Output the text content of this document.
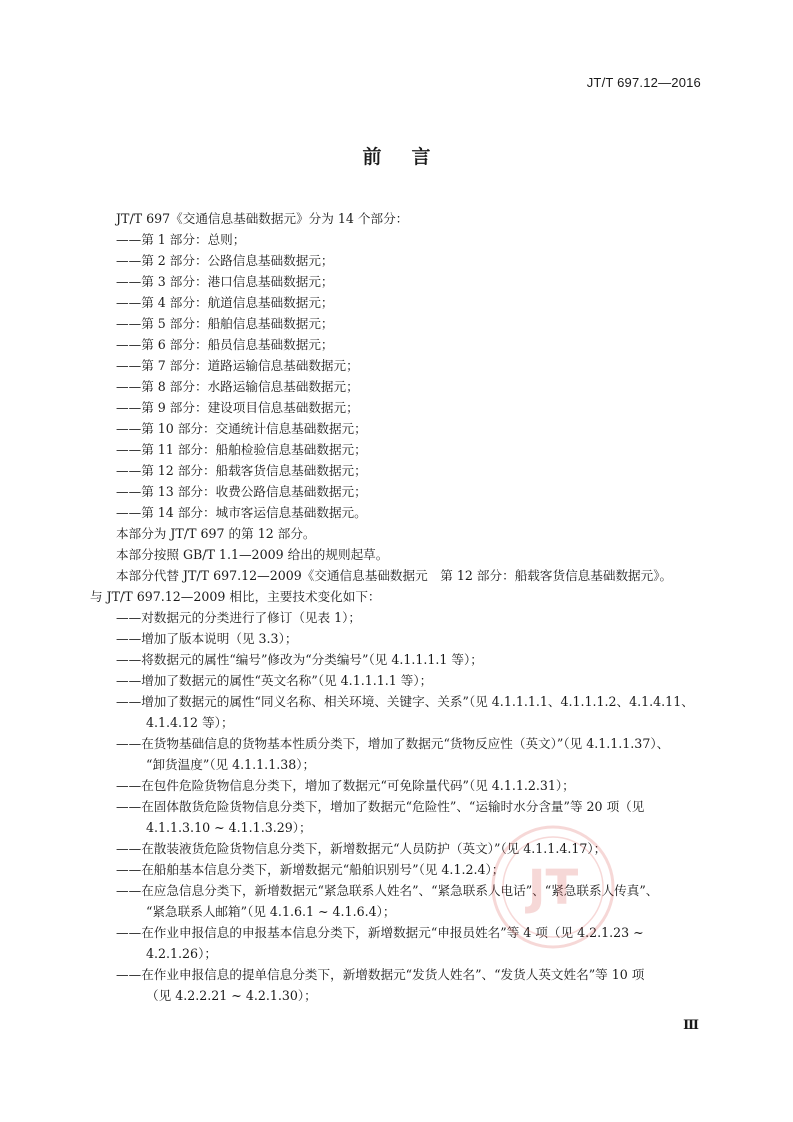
JT/T 697.12—2016
前言
JT/T 697《交通信息基础数据元》分为 14 个部分：
——第 1 部分：总则；
——第 2 部分：公路信息基础数据元；
——第 3 部分：港口信息基础数据元；
——第 4 部分：航道信息基础数据元；
——第 5 部分：船舶信息基础数据元；
——第 6 部分：船员信息基础数据元；
——第 7 部分：道路运输信息基础数据元；
——第 8 部分：水路运输信息基础数据元；
——第 9 部分：建设项目信息基础数据元；
——第 10 部分：交通统计信息基础数据元；
——第 11 部分：船舶检验信息基础数据元；
——第 12 部分：船载客货信息基础数据元；
——第 13 部分：收费公路信息基础数据元；
——第 14 部分：城市客运信息基础数据元。
本部分为 JT/T 697 的第 12 部分。
本部分按照 GB/T 1.1—2009 给出的规则起草。
本部分代替 JT/T 697.12—2009《交通信息基础数据元　第 12 部分：船载客货信息基础数据元》。
与 JT/T 697.12—2009 相比，主要技术变化如下：
——对数据元的分类进行了修订（见表 1）；
——增加了版本说明（见 3.3）；
——将数据元的属性“编号”修改为“分类编号”（见 4.1.1.1.1 等）；
——增加了数据元的属性“英文名称”（见 4.1.1.1.1 等）；
——增加了数据元的属性“同义名称、相关环境、关键字、关系”（见 4.1.1.1.1、4.1.1.1.2、4.1.4.11、
4.1.4.12 等）；
——在货物基础信息的货物基本性质分类下，增加了数据元“货物反应性（英文）”（见 4.1.1.1.37）、
“卸货温度”（见 4.1.1.1.38）；
——在包件危险货物信息分类下，增加了数据元“可免除量代码”（见 4.1.1.2.31）；
——在固体散货危险货物信息分类下，增加了数据元“危险性”、“运输时水分含量”等 20 项（见
4.1.1.3.10 ~ 4.1.1.3.29）；
——在散装液货危险货物信息分类下，新增数据元“人员防护（英文）”（见 4.1.1.4.17）；
——在船舶基本信息分类下，新增数据元“船舶识别号”（见 4.1.2.4）；
——在应急信息分类下，新增数据元“紧急联系人姓名”、“紧急联系人电话”、“紧急联系人传真”、
“紧急联系人邮箱”（见 4.1.6.1 ~ 4.1.6.4）；
——在作业申报信息的申报基本信息分类下，新增数据元“申报员姓名”等 4 项（见 4.2.1.23 ~
4.2.1.26）；
——在作业申报信息的提单信息分类下，新增数据元“发货人姓名”、“发货人英文姓名”等 10 项
（见 4.2.2.21 ~ 4.2.1.30）；
JT
Ⅲ
